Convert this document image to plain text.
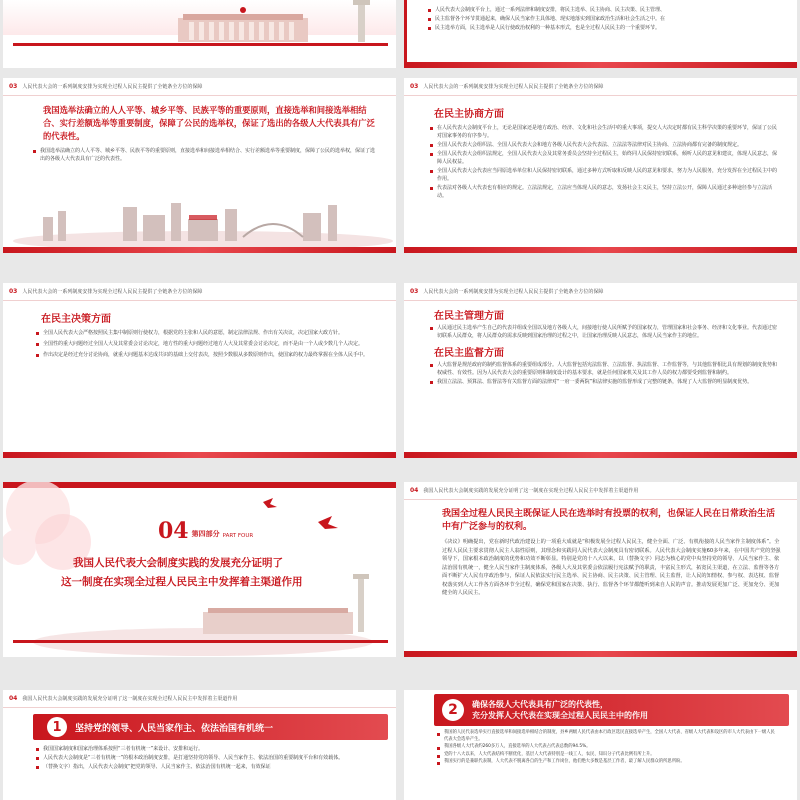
人民代表大会制度平台上，通过一系列法律和制度安排，将民主选举、民主协商、民主决策、民主管理、
民主监督各个环节贯通起来，确保人民当家作主具体地、现实地落实到国家政治生活和社会生活之中。在
民主选举方面，民主选举是人民行使政治权利的一种基本形式，也是全过程人民民主的一个重要环节。
03 人民代表大会的一系列制度安排为实现全过程人民民主提供了全链条全方位的保障
我国选举法确立的人人平等、城乡平等、民族平等的重要原则，直接选举和间接选举相结合、实行差额选举等重要制度，保障了公民的选举权，保证了选出的各级人大代表具有广泛的代表性。
我国选举法确立的人人平等、城乡平等、民族平等的重要原则，直接选举和间接选举相结合、实行差额选举等重要制度，保障了公民的选举权，保证了选出的各级人大代表具有广泛的代表性。
03 人民代表大会的一系列制度安排为实现全过程人民民主提供了全链条全方位的保障
在民主协商方面
在人民代表大会制度平台上，无论是国家还是地方政治、经济、文化和社会生活中的重大事项，提交人大决定时都有民主科学决策的重要环节，保证了公民对国家事务的有序参与。
全国人民代表大会组织法、全国人民代表大会和地方各级人民代表大会代表法、立法法等法律对民主协商、立法协商都有完备的制度规定。
全国人民代表大会组织法规定，全国人民代表大会及其常务委员会坚持全过程民主，始终同人民保持密切联系，倾听人民的意见和建议，体现人民意志，保障人民权益。
全国人民代表大会代表应当同原选举单位和人民保持密切联系，通过多种方式听取和反映人民的意见和要求，努力为人民服务，充分发挥在全过程民主中的作用。
代表法对各级人大代表也有相应的规定。立法法规定，立法应当体现人民的意志，发扬社会主义民主，坚持立法公开，保障人民通过多种途径参与立法活动。
03 人民代表大会的一系列制度安排为实现全过程人民民主提供了全链条全方位的保障
在民主决策方面
全国人民代表大会严格按照民主集中制原则行使权力，根据党的主张和人民的意愿，制定法律法规、作出有关决议，决定国家大政方针。
全国性的重大问题经过全国人大及其常委会讨论决定，地方性的重大问题经过地方人大及其常委会讨论决定，而不是由一个人或少数几个人决定。
作出决定是经过充分讨论协商，就重大问题基本达成共识的基础上交付表决，按照少数服从多数原则作出，使国家的权力最终掌握在全体人民手中。
03 人民代表大会的一系列制度安排为实现全过程人民民主提供了全链条全方位的保障
在民主管理方面
人民通过民主选举产生自己的代表并组成全国以及地方各级人大，间接地行使人民所赋予的国家权力，管理国家和社会事务、经济和文化事业。代表通过密切联系人民群众，将人民群众的需求反映到国家治理的过程之中，让国家治理反映人民意志，体现人民当家作主的地位。
在民主监督方面
人大监督是规范政府的制约监督体系的重要组成部分。人大监督包括宪法监督、立法监督、执法监督、工作监督等，与其他监督相比具有规划的制度优势和权威性、有效性。因为人民代表大会的重要原则和制度设计的基本要求，就是任何国家机关及其工作人员的权力都要受到监督和制约。
我国立法法、预算法、监督法等有关监督方面的法律对“一府一委两院”和法律实施的监督形成了完整的链条，体现了人大监督的明显制度优势。
04 第四部分 PART FOUR
我国人民代表大会制度实践的发展充分证明了
这一制度在实现全过程人民民主中发挥着主渠道作用
04 我国人民代表大会制度实践的发展充分证明了这一制度在实现全过程人民民主中发挥着主渠道作用
我国全过程人民民主既保证人民在选举时有投票的权利，也保证人民在日常政治生活中有广泛参与的权利。
《决议》明确提出，党在新时代政治建设上的一项重大成就是“积极发展全过程人民民主，健全全面、广泛、有机衔接的人民当家作主制度体系”。全过程人民民主要求贯彻人民主人翁性原则，其理念和实践同人民代表大会制度具有密切联系。人民代表大会制度实施60多年来，在中国共产党的坚强领导下，国家根本政治制度的优势和功效不断彰显。特别是党的十八大以来，以（替换文字）同志为核心的党中央坚持党的领导、人民当家作主、依法治国有机统一，健全人民当家作主制度体系，各级人大及其常委会依法履行宪法赋予的职责，丰富民主形式，拓宽民主渠道，在立法、监督等各方面不断扩大人民有序政治参与，保证人民依法实行民主选举、民主协商、民主决策、民主管理、民主监督，让人民的知情权、参与权、表达权、监督权落实到人大工作各方面各环节全过程，确保党和国家在决策、执行、监督各个环节都能听到来自人民的声音。推动发展更加广泛、更加充分、更加健全的人民民主。
04 我国人民代表大会制度实践的发展充分证明了这一制度在实现全过程人民民主中发挥着主渠道作用
1	坚持党的领导、人民当家作主、依法治国有机统一
我国国家制度和国家治理体系按照“三者有机统一”来设计、安排和运行。
人民代表大会制度是“三者有机统一”的根本政治制度安排，是打通坚持党的领导、人民当家作主、依法治国的重要制度平台和有效载体。
（替换文字）指出，人民代表大会制度“把党的领导、人民当家作主、依法治国有机统一起来，有效保证
2	确保各级人大代表具有广泛的代表性，
充分发挥人大代表在实现全过程人民民主中的作用
我国的人民代表选举实行直接选举和间接选举相结合的制度，县乡两级人民代表由本行政区选民直接选举产生，全国人大代表、省级人大代表和设区的市人大代表由下一级人民代表大会选举产生。
我国各级人大代表约260多万人，直接选举的人大代表占代表总数的94.5%。
党的十八大以来，人大代表结构不断优化，基层人大代表特别是一线工人、农民、知识分子代表比例有所上升。
我国实行的是兼职代表制，人大代表不脱离各自的生产和工作岗位，他们绝大多数是基层工作者，最了解人民群众的所思所盼。
